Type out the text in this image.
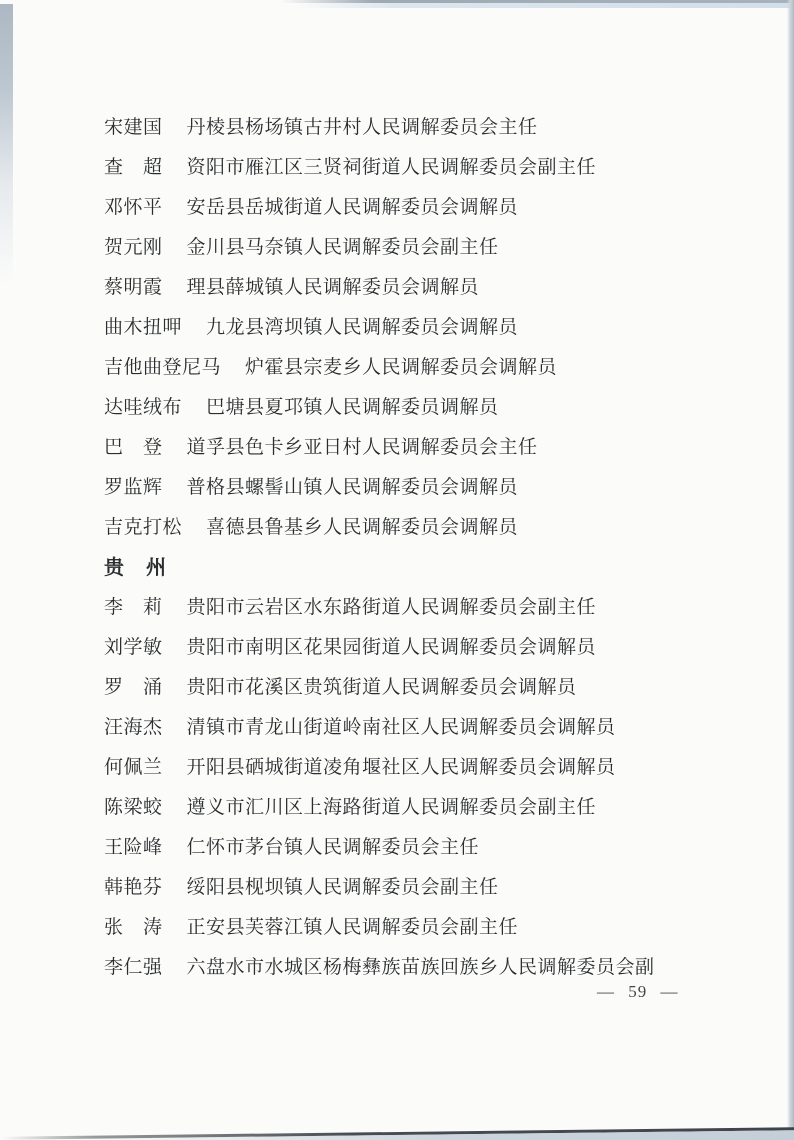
宋建国 丹棱县杨场镇古井村人民调解委员会主任
查　超 资阳市雁江区三贤祠街道人民调解委员会副主任
邓怀平 安岳县岳城街道人民调解委员会调解员
贺元刚 金川县马奈镇人民调解委员会副主任
蔡明霞 理县薛城镇人民调解委员会调解员
曲木扭呷 九龙县湾坝镇人民调解委员会调解员
吉他曲登尼马 炉霍县宗麦乡人民调解委员会调解员
达哇绒布 巴塘县夏邛镇人民调解委员调解员
巴　登 道孚县色卡乡亚日村人民调解委员会主任
罗监辉 普格县螺髻山镇人民调解委员会调解员
吉克打松 喜德县鲁基乡人民调解委员会调解员
贵　州
李　莉 贵阳市云岩区水东路街道人民调解委员会副主任
刘学敏 贵阳市南明区花果园街道人民调解委员会调解员
罗　涌 贵阳市花溪区贵筑街道人民调解委员会调解员
汪海杰 清镇市青龙山街道岭南社区人民调解委员会调解员
何佩兰 开阳县硒城街道凌角堰社区人民调解委员会调解员
陈梁蛟 遵义市汇川区上海路街道人民调解委员会副主任
王险峰 仁怀市茅台镇人民调解委员会主任
韩艳芬 绥阳县枧坝镇人民调解委员会副主任
张　涛 正安县芙蓉江镇人民调解委员会副主任
李仁强 六盘水市水城区杨梅彝族苗族回族乡人民调解委员会副
— 59 —
